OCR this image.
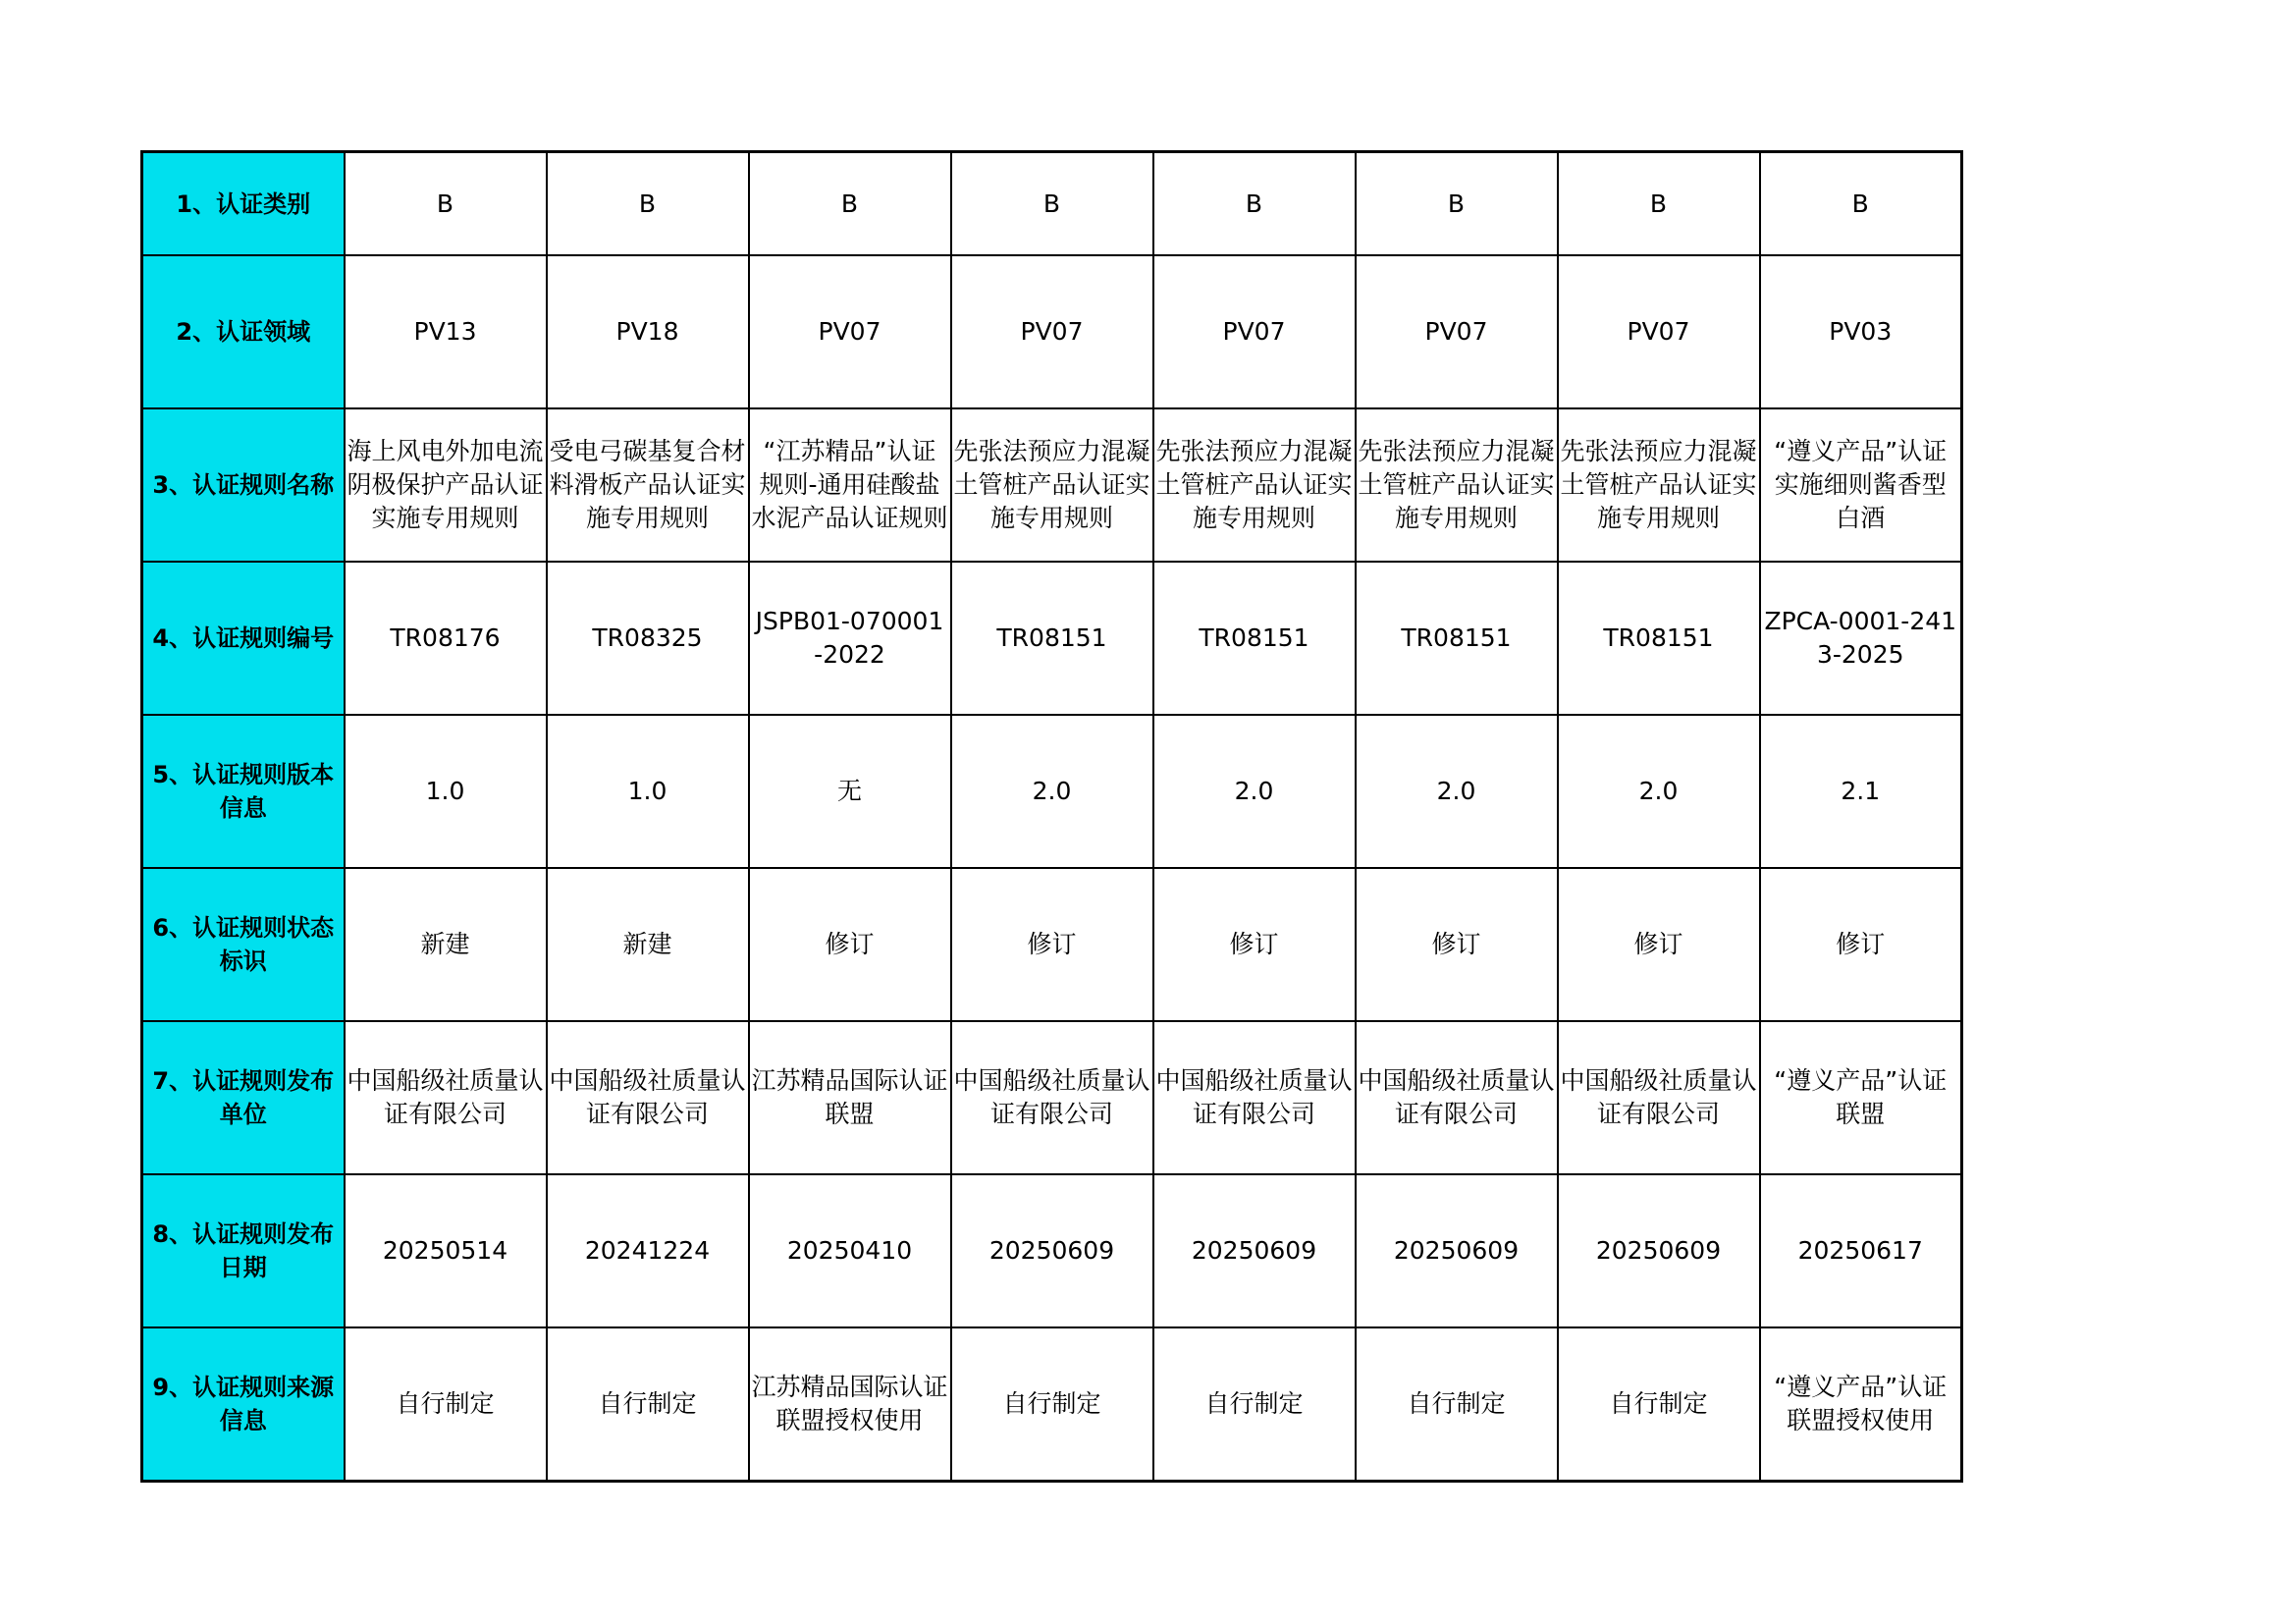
1、认证类别	B	B	B	B	B	B	B	B
2、认证领域	PV13	PV18	PV07	PV07	PV07	PV07	PV07	PV03
3、认证规则名称	海上风电外加电流阴极保护产品认证实施专用规则	受电弓碳基复合材料滑板产品认证实施专用规则	“江苏精品”认证规则-通用硅酸盐水泥产品认证规则	先张法预应力混凝土管桩产品认证实施专用规则	先张法预应力混凝土管桩产品认证实施专用规则	先张法预应力混凝土管桩产品认证实施专用规则	先张法预应力混凝土管桩产品认证实施专用规则	“遵义产品”认证实施细则酱香型白酒
4、认证规则编号	TR08176	TR08325	JSPB01-070001-2022	TR08151	TR08151	TR08151	TR08151	ZPCA-0001-2413-2025
5、认证规则版本信息	1.0	1.0	无	2.0	2.0	2.0	2.0	2.1
6、认证规则状态标识	新建	新建	修订	修订	修订	修订	修订	修订
7、认证规则发布单位	中国船级社质量认证有限公司	中国船级社质量认证有限公司	江苏精品国际认证联盟	中国船级社质量认证有限公司	中国船级社质量认证有限公司	中国船级社质量认证有限公司	中国船级社质量认证有限公司	“遵义产品”认证联盟
8、认证规则发布日期	20250514	20241224	20250410	20250609	20250609	20250609	20250609	20250617
9、认证规则来源信息	自行制定	自行制定	江苏精品国际认证联盟授权使用	自行制定	自行制定	自行制定	自行制定	“遵义产品”认证联盟授权使用
